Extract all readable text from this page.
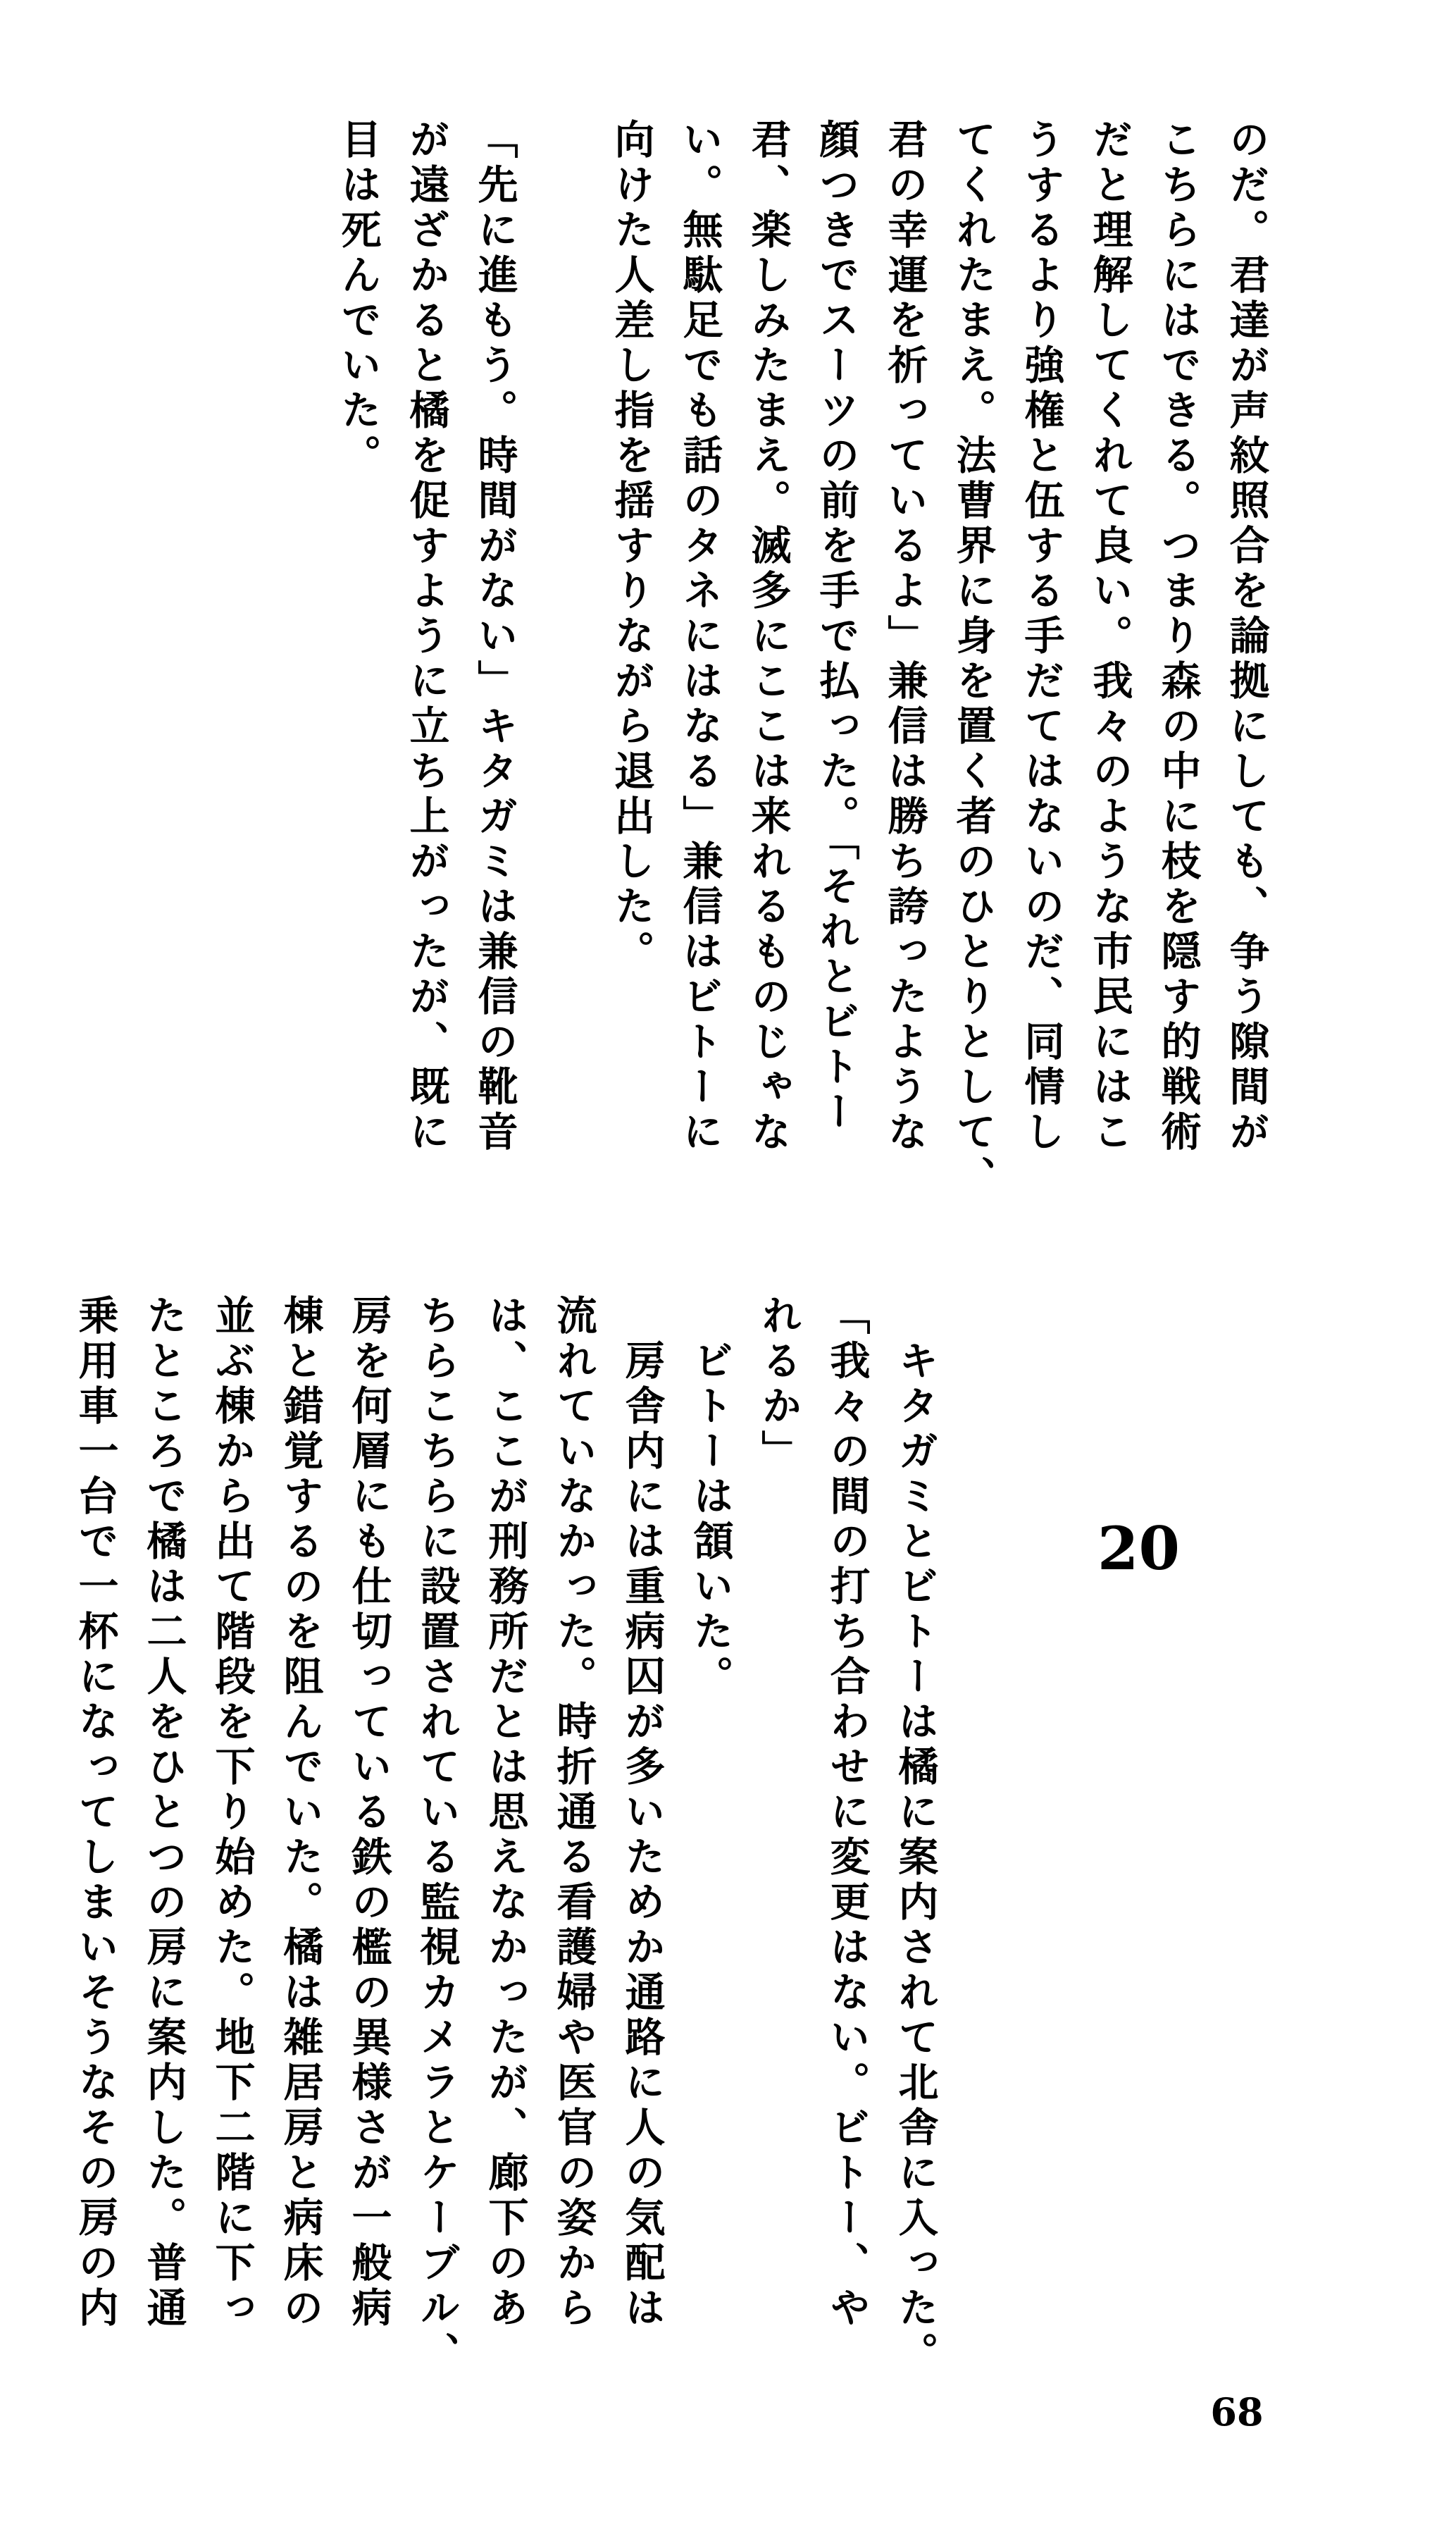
のだ。君達が声紋照合を論拠にしても、争う隙間が
こちらにはできる。つまり森の中に枝を隠す的戦術
だと理解してくれて良い。我々のような市民にはこ
うするより強権と伍する手だてはないのだ、同情し
てくれたまえ。法曹界に身を置く者のひとりとして、
君の幸運を祈っているよ」兼信は勝ち誇ったような
顔つきでスーツの前を手で払った。「それとビトー
君、楽しみたまえ。滅多にここは来れるものじゃな
い。無駄足でも話のタネにはなる」兼信はビトーに
向けた人差し指を揺すりながら退出した。
「先に進もう。時間がない」キタガミは兼信の靴音
が遠ざかると橘を促すように立ち上がったが、既に
目は死んでいた。
20
　キタガミとビトーは橘に案内されて北舎に入った。
「我々の間の打ち合わせに変更はない。ビトー、や
れるか」
　ビトーは頷いた。
　房舎内には重病囚が多いためか通路に人の気配は
流れていなかった。時折通る看護婦や医官の姿から
は、ここが刑務所だとは思えなかったが、廊下のあ
ちらこちらに設置されている監視カメラとケーブル、
房を何層にも仕切っている鉄の檻の異様さが一般病
棟と錯覚するのを阻んでいた。橘は雑居房と病床の
並ぶ棟から出て階段を下り始めた。地下二階に下っ
たところで橘は二人をひとつの房に案内した。普通
乗用車一台で一杯になってしまいそうなその房の内
68
